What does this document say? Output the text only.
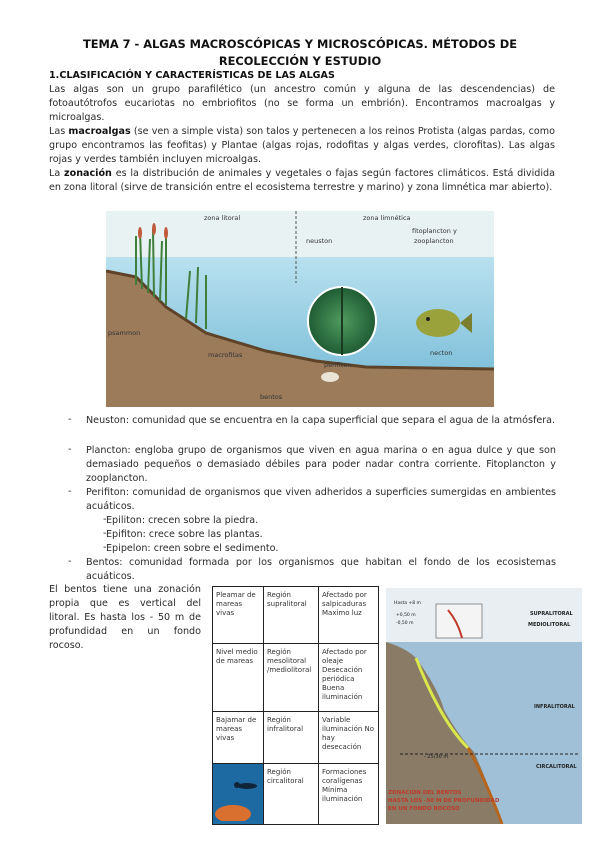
TEMA 7 - ALGAS MACROSCÓPICAS Y MICROSCÓPICAS. MÉTODOS DE RECOLECCIÓN Y ESTUDIO
1.CLASIFICACIÓN Y CARACTERÍSTICAS DE LAS ALGAS
Las algas son un grupo parafilético (un ancestro común y alguna de las descendencias) de fotoautótrofos eucariotas no embriofitos (no se forma un embrión). Encontramos macroalgas y microalgas.
Las macroalgas (se ven a simple vista) son talos y pertenecen a los reinos Protista (algas pardas, como grupo encontramos las feofitas) y Plantae (algas rojas, rodofitas y algas verdes, clorofitas). Las algas rojas y verdes también incluyen microalgas.
La zonación es la distribución de animales y vegetales o fajas según factores climáticos. Está dividida en zona litoral (sirve de transición entre el ecosistema terrestre y marino) y zona limnética mar abierto).
zona litoral	zona limnética
neuston
fitoplancton y
zooplancton
psammon
macrofitas
perifiton
necton
bentos
- Neuston: comunidad que se encuentra en la capa superficial que separa el agua de la atmósfera.
- Plancton: engloba grupo de organismos que viven en agua marina o en agua dulce y que son demasiado pequeños o demasiado débiles para poder nadar contra corriente. Fitoplancton y zooplancton.
- Perifiton: comunidad de organismos que viven adheridos a superficies sumergidas en ambientes acuáticos.
- Epiliton: crecen sobre la piedra.
- Epifiton: crece sobre las plantas.
- Epipelon: creen sobre el sedimento.
- Bentos: comunidad formada por los organismos que habitan el fondo de los ecosistemas acuáticos.
El bentos tiene una zonación propia que es vertical del litoral. Es hasta los - 50 m de profundidad en un fondo rocoso.
Pleamar de mareas vivas	Región supralitoral	Afectado por salpicaduras Maximo luz
Nivel medio de mareas	Región mesolitoral /mediolitoral	Afectado por oleaje Desecación periódica Buena iluminación
Bajamar de mareas vivas	Región infralitoral	Variable iluminación No hay desecación
	Región circalitoral	Formaciones coralígenas Mínima iluminación
Hasta +8 m
+0,50 m
-0,50 m
SUPRALITORAL
MEDIOLITORAL
INFRALITORAL
- 25/30 m
CIRCALITORAL
ZONACION DEL BENTOS
HASTA LOS -50 M DE PROFUNDIDAD
EN UN FONDO ROCOSO
